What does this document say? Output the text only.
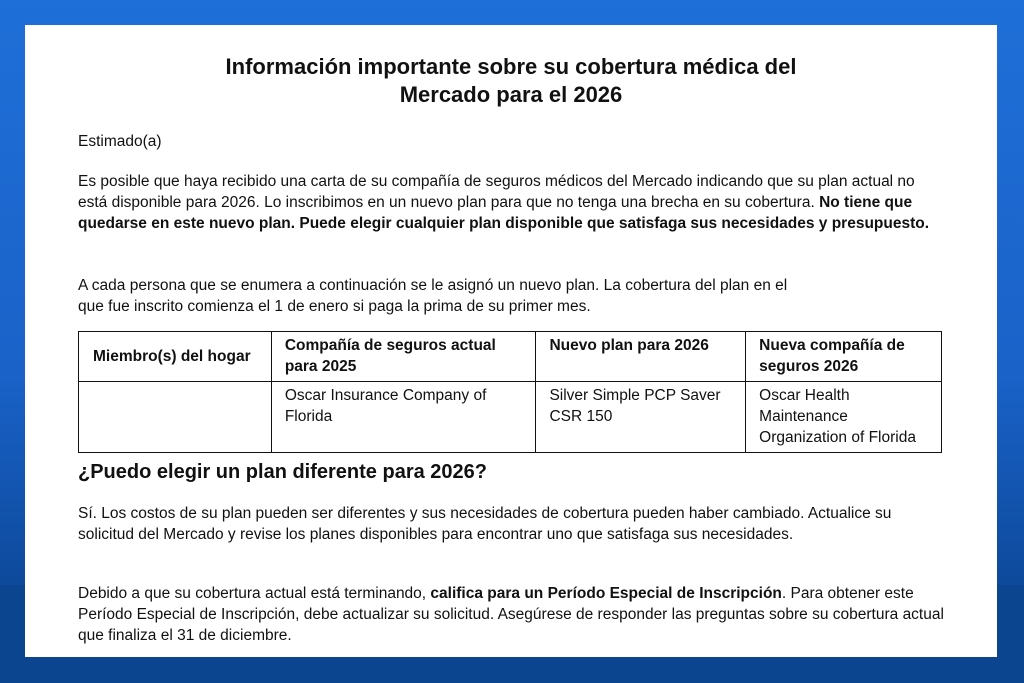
Información importante sobre su cobertura médica del
Mercado para el 2026
Estimado(a)
Es posible que haya recibido una carta de su compañía de seguros médicos del Mercado indicando que su plan actual no está disponible para 2026. Lo inscribimos en un nuevo plan para que no tenga una brecha en su cobertura. No tiene que quedarse en este nuevo plan. Puede elegir cualquier plan disponible que satisfaga sus necesidades y presupuesto.
A cada persona que se enumera a continuación se le asignó un nuevo plan. La cobertura del plan en el
que fue inscrito comienza el 1 de enero si paga la prima de su primer mes.
Miembro(s) del hogar	Compañía de seguros actual para 2025	Nuevo plan para 2026	Nueva compañía de seguros 2026
	Oscar Insurance Company of Florida	Silver Simple PCP Saver CSR 150	Oscar Health Maintenance Organization of Florida
¿Puedo elegir un plan diferente para 2026?
Sí. Los costos de su plan pueden ser diferentes y sus necesidades de cobertura pueden haber cambiado. Actualice su solicitud del Mercado y revise los planes disponibles para encontrar uno que satisfaga sus necesidades.
Debido a que su cobertura actual está terminando, califica para un Período Especial de Inscripción. Para obtener este Período Especial de Inscripción, debe actualizar su solicitud. Asegúrese de responder las preguntas sobre su cobertura actual que finaliza el 31 de diciembre.
